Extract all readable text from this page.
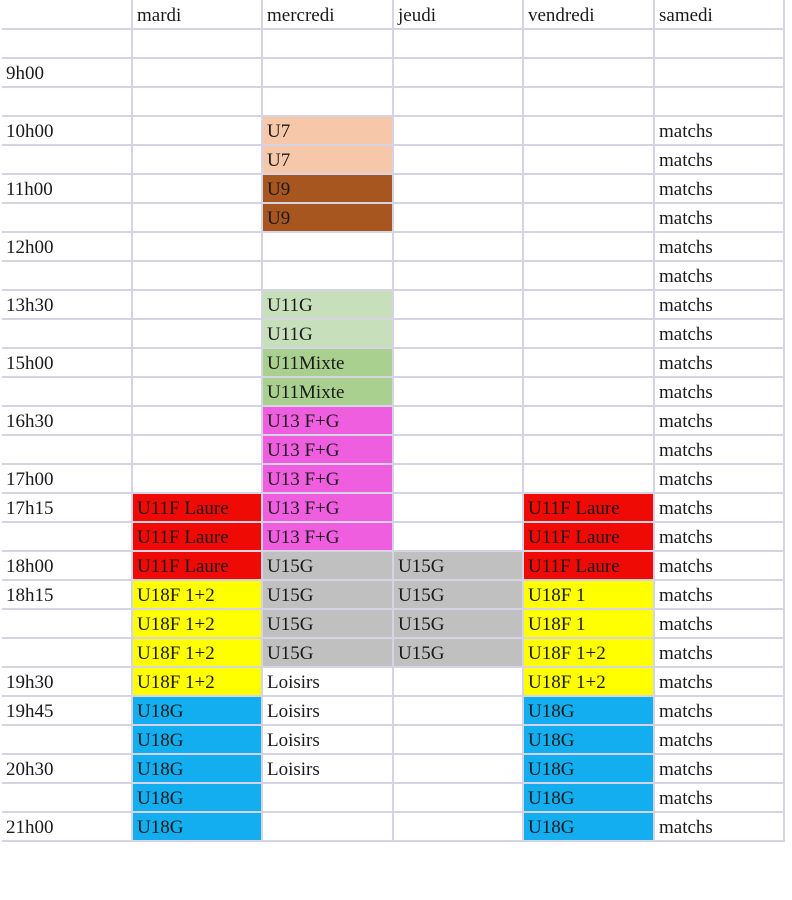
	mardi	mercredi	jeudi	vendredi	samedi

9h00					

10h00		U7			matchs
		U7			matchs
11h00		U9			matchs
		U9			matchs
12h00					matchs
					matchs
13h30		U11G			matchs
		U11G			matchs
15h00		U11Mixte			matchs
		U11Mixte			matchs
16h30		U13 F+G			matchs
		U13 F+G			matchs
17h00		U13 F+G			matchs
17h15	U11F Laure	U13 F+G		U11F Laure	matchs
	U11F Laure	U13 F+G		U11F Laure	matchs
18h00	U11F Laure	U15G	U15G	U11F Laure	matchs
18h15	U18F 1+2	U15G	U15G	U18F 1	matchs
	U18F 1+2	U15G	U15G	U18F 1	matchs
	U18F 1+2	U15G	U15G	U18F 1+2	matchs
19h30	U18F 1+2	Loisirs		U18F 1+2	matchs
19h45	U18G	Loisirs		U18G	matchs
	U18G	Loisirs		U18G	matchs
20h30	U18G	Loisirs		U18G	matchs
	U18G			U18G	matchs
21h00	U18G			U18G	matchs
